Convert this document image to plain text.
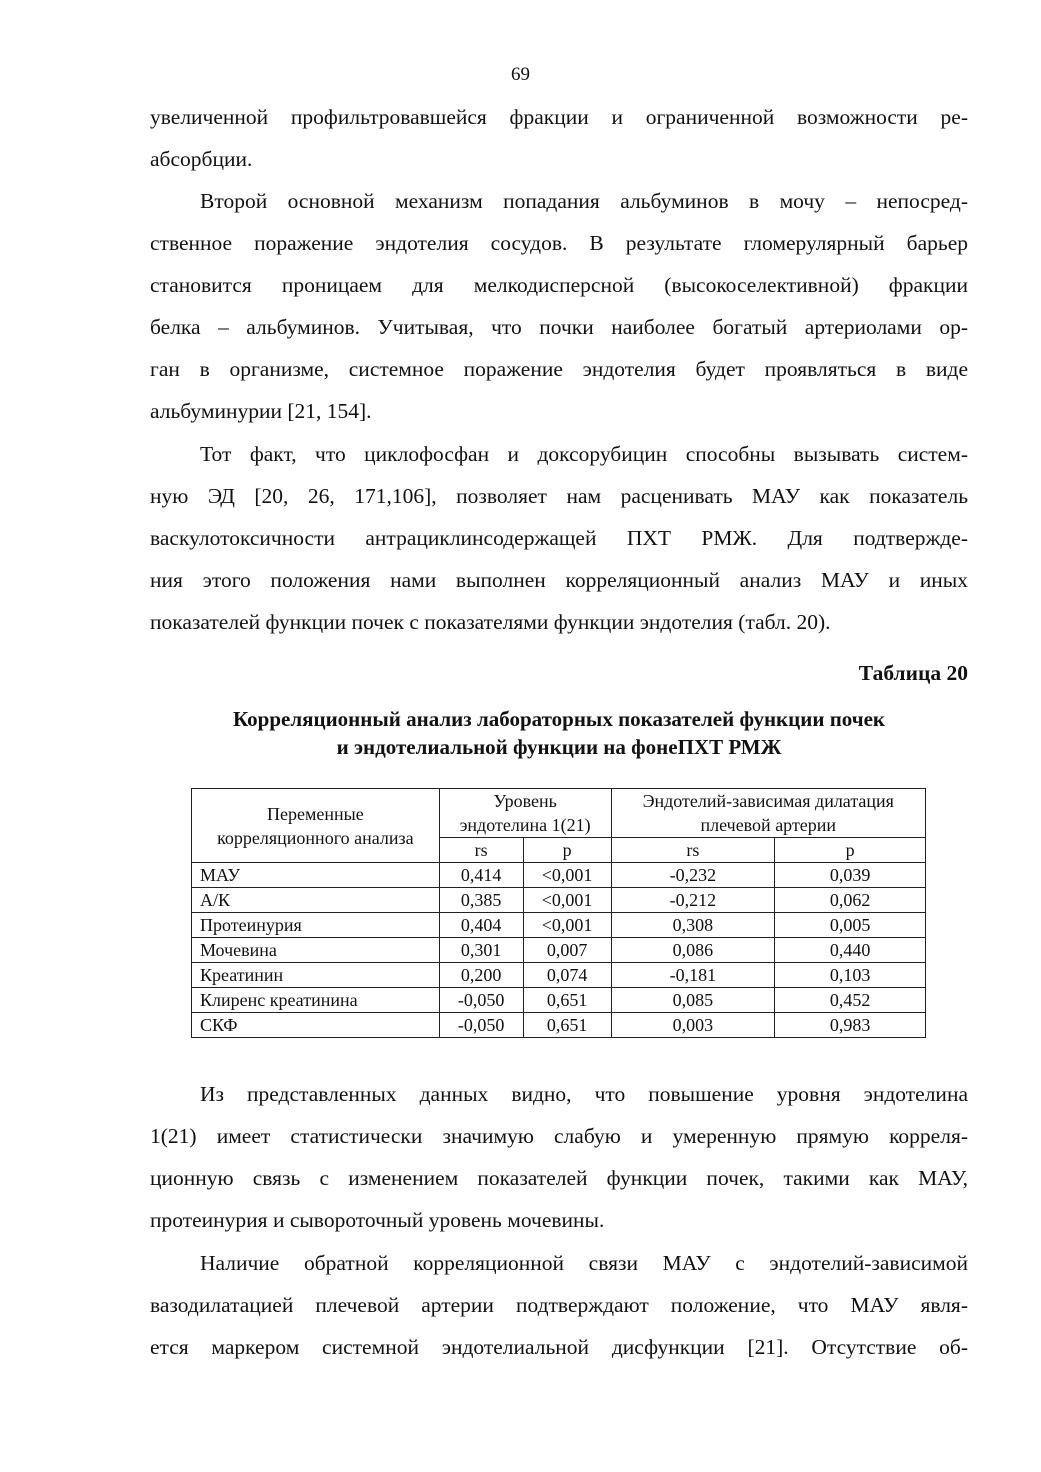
69

увеличенной профильтровавшейся фракции и ограниченной возможности ре-

абсорбции.

Второй основной механизм попадания альбуминов в мочу – непосред-

ственное поражение эндотелия сосудов. В результате гломерулярный барьер

становится проницаем для мелкодисперсной (высокоселективной) фракции

белка – альбуминов. Учитывая, что почки наиболее богатый артериолами ор-

ган в организме, системное поражение эндотелия будет проявляться в виде

альбуминурии [21, 154].

Тот факт, что циклофосфан и доксорубицин способны вызывать систем-

ную ЭД [20, 26, 171,106], позволяет нам расценивать МАУ как показатель

васкулотоксичности антрациклинсодержащей ПХТ РМЖ. Для подтвержде-

ния этого положения нами выполнен корреляционный анализ МАУ и иных

показателей функции почек с показателями функции эндотелия (табл. 20).

Таблица 20
Корреляционный анализ лабораторных показателей функции почек
и эндотелиальной функции на фонеПХТ РМЖ
Переменные корреляционного анализа	Уровень эндотелина 1(21)		Эндотелий-зависимая дилатация плечевой артерии	
	rs	p	rs	p
МАУ	0,414	<0,001	-0,232	0,039
А/К	0,385	<0,001	-0,212	0,062
Протеинурия	0,404	<0,001	0,308	0,005
Мочевина	0,301	0,007	0,086	0,440
Креатинин	0,200	0,074	-0,181	0,103
Клиренс креатинина	-0,050	0,651	0,085	0,452
СКФ	-0,050	0,651	0,003	0,983

Из представленных данных видно, что повышение уровня эндотелина

1(21) имеет статистически значимую слабую и умеренную прямую корреля-

ционную связь с изменением показателей функции почек, такими как МАУ,

протеинурия и сывороточный уровень мочевины.

Наличие обратной корреляционной связи МАУ с эндотелий-зависимой

вазодилатацией плечевой артерии подтверждают положение, что МАУ явля-

ется маркером системной эндотелиальной дисфункции [21]. Отсутствие об-
